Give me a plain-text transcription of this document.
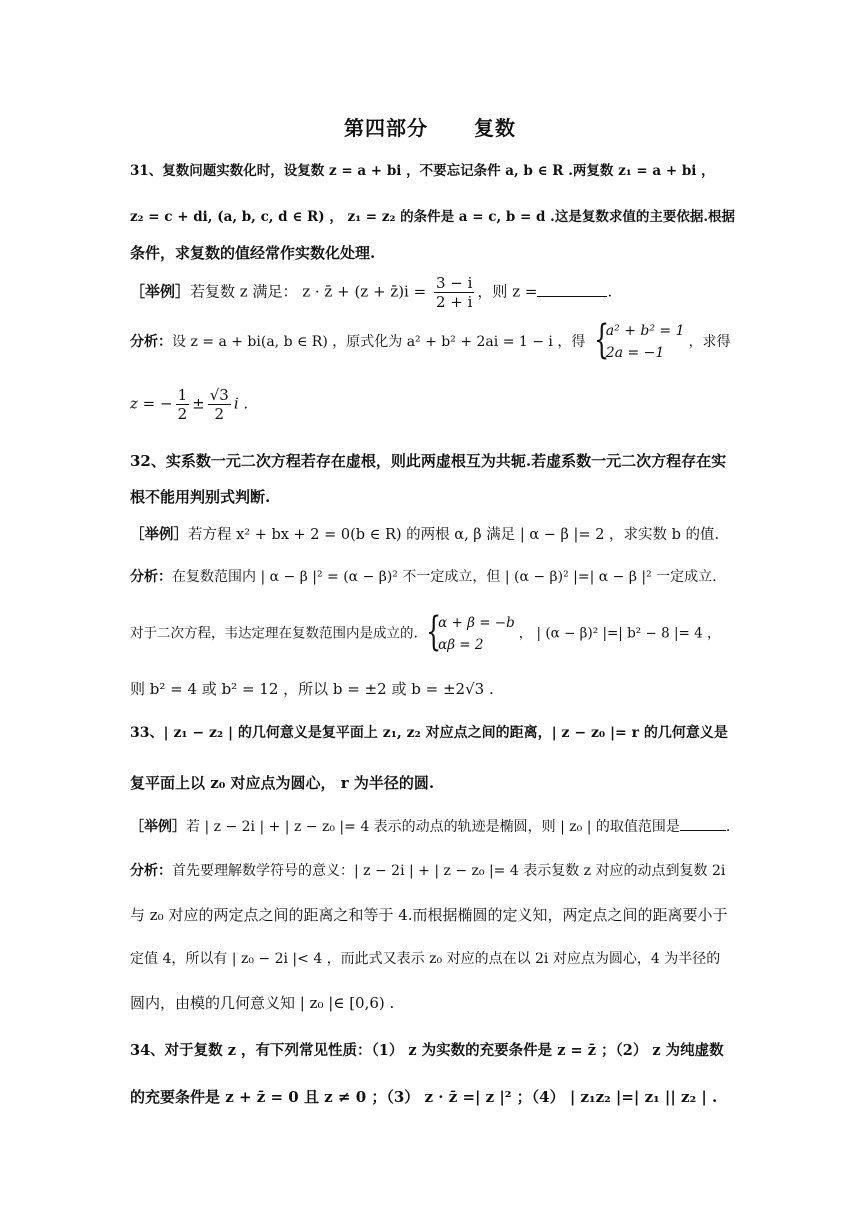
第四部分 复数
31、复数问题实数化时，设复数 z = a + bi ，不要忘记条件 a, b ∈ R .两复数 z₁ = a + bi ，
z₂ = c + di, (a, b, c, d ∈ R) ， z₁ = z₂ 的条件是 a = c, b = d .这是复数求值的主要依据.根据
条件，求复数的值经常作实数化处理.
［举例］若复数 z 满足： z · z̄ + (z + z̄)i = $\frac{3 - i}{2 + i}$ ，则 z =	.
分析：设 z = a + bi(a, b ∈ R) ，原式化为 a² + b² + 2ai = 1 − i ，得 {
a² + b² = 1
2a = −1
，求得
z = − $\frac{1}{2} \pm \frac{√3}{2}$ i .
32、实系数一元二次方程若存在虚根，则此两虚根互为共轭.若虚系数一元二次方程存在实
根不能用判别式判断.
［举例］若方程 x² + bx + 2 = 0(b ∈ R) 的两根 α, β 满足 | α − β |= 2 ，求实数 b 的值.
分析：在复数范围内 | α − β |² = (α − β)² 不一定成立，但 | (α − β)² |=| α − β |² 一定成立.
对于二次方程，韦达定理在复数范围内是成立的. {
α + β = −b
αβ = 2
， | (α − β)² |=| b² − 8 |= 4 ，
则 b² = 4 或 b² = 12 ，所以 b = ±2 或 b = ±2√3 .
33、| z₁ − z₂ | 的几何意义是复平面上 z₁, z₂ 对应点之间的距离，| z − z₀ |= r 的几何意义是
复平面上以 z₀ 对应点为圆心， r 为半径的圆.
［举例］若 | z − 2i | + | z − z₀ |= 4 表示的动点的轨迹是椭圆，则 | z₀ | 的取值范围是	.
分析：首先要理解数学符号的意义：| z − 2i | + | z − z₀ |= 4 表示复数 z 对应的动点到复数 2i
与 z₀ 对应的两定点之间的距离之和等于 4.而根据椭圆的定义知，两定点之间的距离要小于
定值 4，所以有 | z₀ − 2i |< 4 ，而此式又表示 z₀ 对应的点在以 2i 对应点为圆心，4 为半径的
圆内，由模的几何意义知 | z₀ |∈ [0,6) .
34、对于复数 z ，有下列常见性质：（1） z 为实数的充要条件是 z = z̄ ；（2） z 为纯虚数
的充要条件是 z + z̄ = 0 且 z ≠ 0 ；（3） z · z̄ =| z |² ；（4） | z₁z₂ |=| z₁ || z₂ | .
